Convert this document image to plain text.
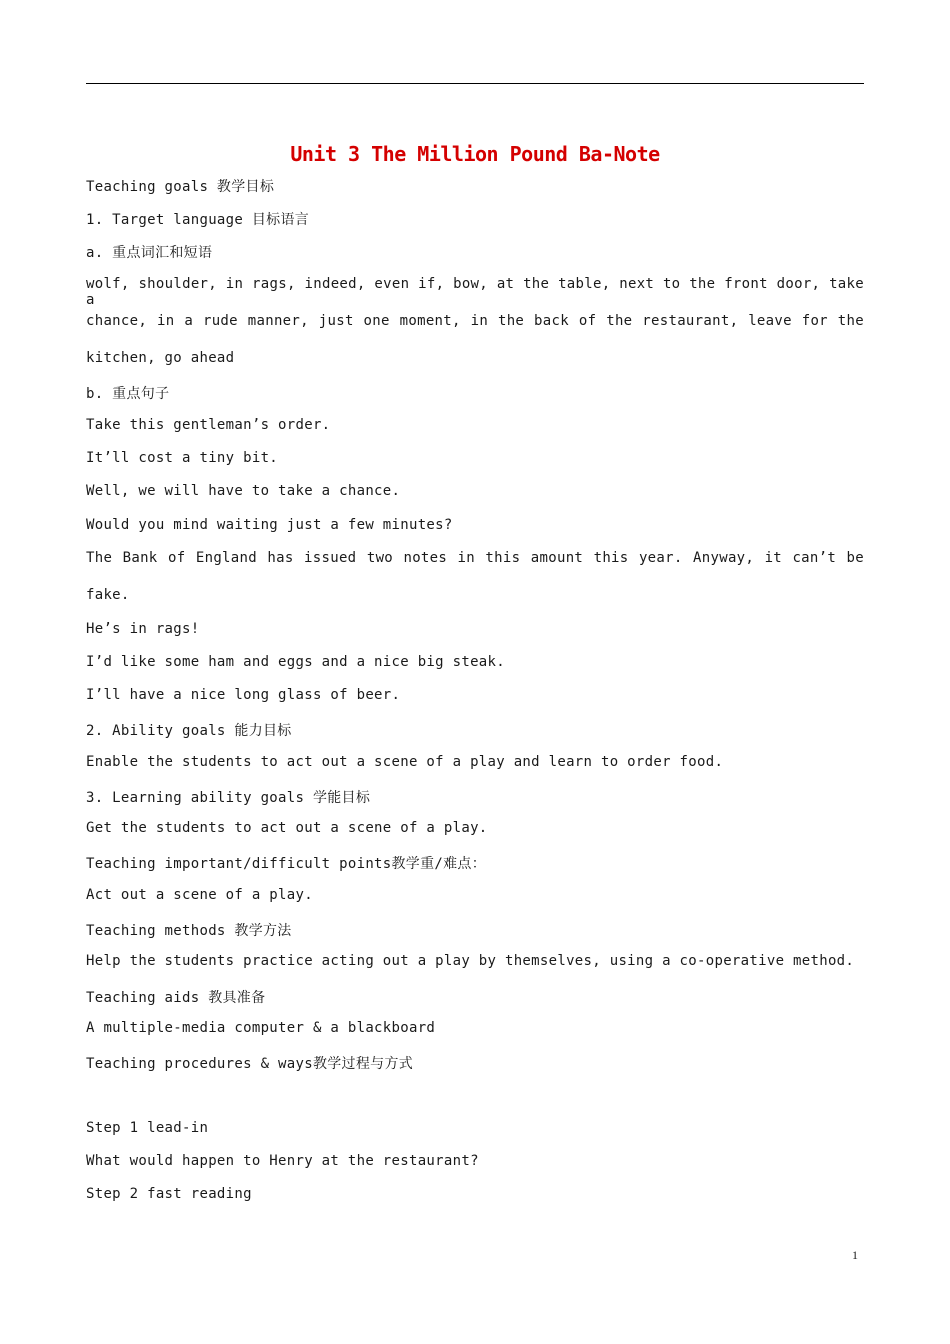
Unit 3 The Million Pound Ba-Note
Teaching goals 教学目标
1. Target language 目标语言
a. 重点词汇和短语
wolf, shoulder, in rags, indeed, even if, bow, at the table, next to the front door, take a
chance, in a rude manner, just one moment, in the back of the restaurant, leave for the
kitchen, go ahead
b. 重点句子
Take this gentleman’s order.
It’ll cost a tiny bit.
Well, we will have to take a chance.
Would you mind waiting just a few minutes?
The Bank of England has issued two notes in this amount this year. Anyway, it can’t be
fake.
He’s in rags!
I’d like some ham and eggs and a nice big steak.
I’ll have a nice long glass of beer.
2. Ability goals 能力目标
Enable the students to act out a scene of a play and learn to order food.
3. Learning ability goals 学能目标
Get the students to act out a scene of a play.
Teaching important/difficult points教学重/难点：
Act out a scene of a play.
Teaching methods 教学方法
Help the students practice acting out a play by themselves, using a co-operative method.
Teaching aids 教具准备
A multiple-media computer & a blackboard
Teaching procedures & ways教学过程与方式
Step 1 lead-in
What would happen to Henry at the restaurant?
Step 2 fast reading
1
